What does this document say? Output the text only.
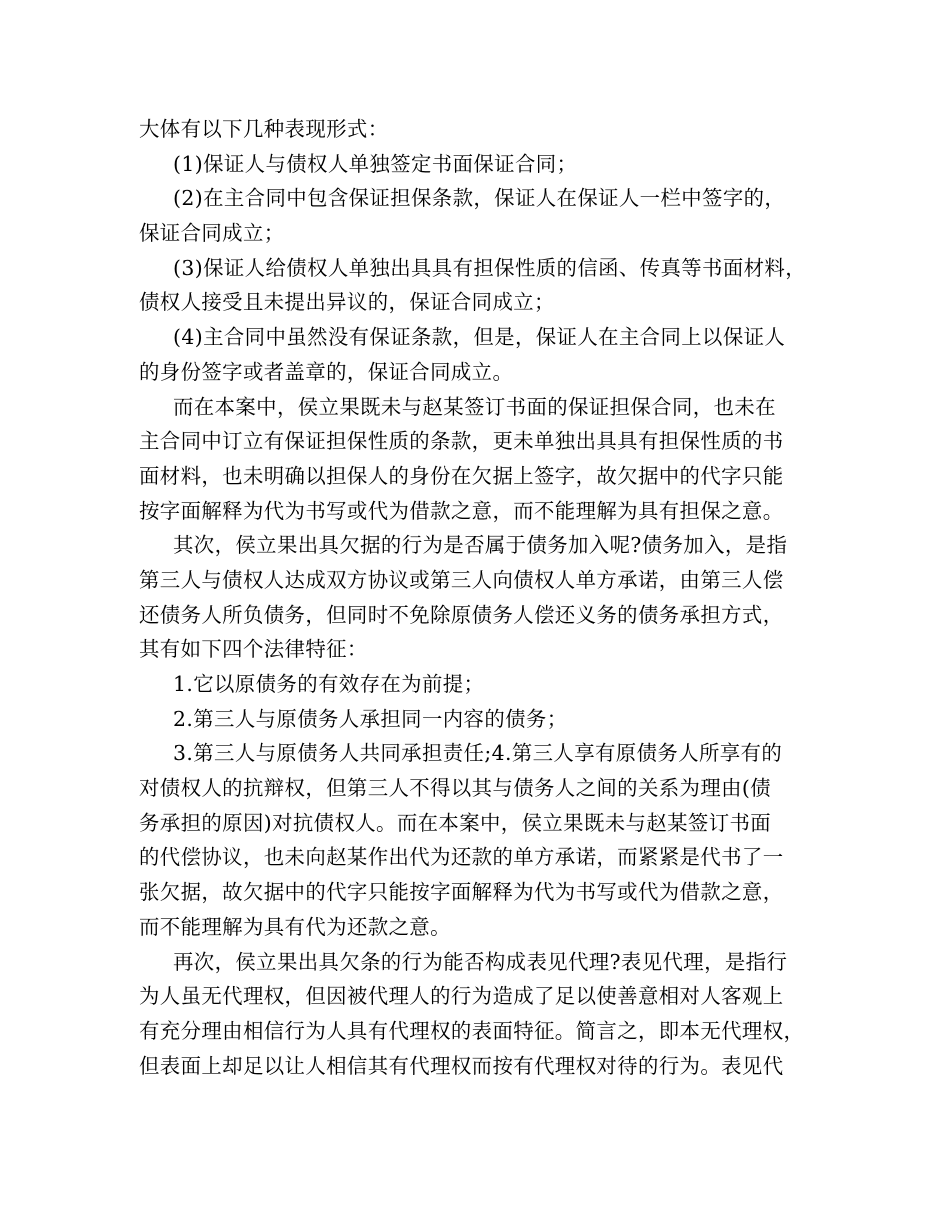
大体有以下几种表现形式：
(1)保证人与债权人单独签定书面保证合同；
(2)在主合同中包含保证担保条款，保证人在保证人一栏中签字的，
保证合同成立；
(3)保证人给债权人单独出具具有担保性质的信函、传真等书面材料，
债权人接受且未提出异议的，保证合同成立；
(4)主合同中虽然没有保证条款，但是，保证人在主合同上以保证人
的身份签字或者盖章的，保证合同成立。
而在本案中，侯立果既未与赵某签订书面的保证担保合同，也未在
主合同中订立有保证担保性质的条款，更未单独出具具有担保性质的书
面材料，也未明确以担保人的身份在欠据上签字，故欠据中的代字只能
按字面解释为代为书写或代为借款之意，而不能理解为具有担保之意。
其次，侯立果出具欠据的行为是否属于债务加入呢?债务加入，是指
第三人与债权人达成双方协议或第三人向债权人单方承诺，由第三人偿
还债务人所负债务，但同时不免除原债务人偿还义务的债务承担方式，
其有如下四个法律特征：
1.它以原债务的有效存在为前提；
2.第三人与原债务人承担同一内容的债务；
3.第三人与原债务人共同承担责任;4.第三人享有原债务人所享有的
对债权人的抗辩权，但第三人不得以其与债务人之间的关系为理由(债
务承担的原因)对抗债权人。而在本案中，侯立果既未与赵某签订书面
的代偿协议，也未向赵某作出代为还款的单方承诺，而紧紧是代书了一
张欠据，故欠据中的代字只能按字面解释为代为书写或代为借款之意，
而不能理解为具有代为还款之意。
再次，侯立果出具欠条的行为能否构成表见代理?表见代理，是指行
为人虽无代理权，但因被代理人的行为造成了足以使善意相对人客观上
有充分理由相信行为人具有代理权的表面特征。简言之，即本无代理权，
但表面上却足以让人相信其有代理权而按有代理权对待的行为。表见代
